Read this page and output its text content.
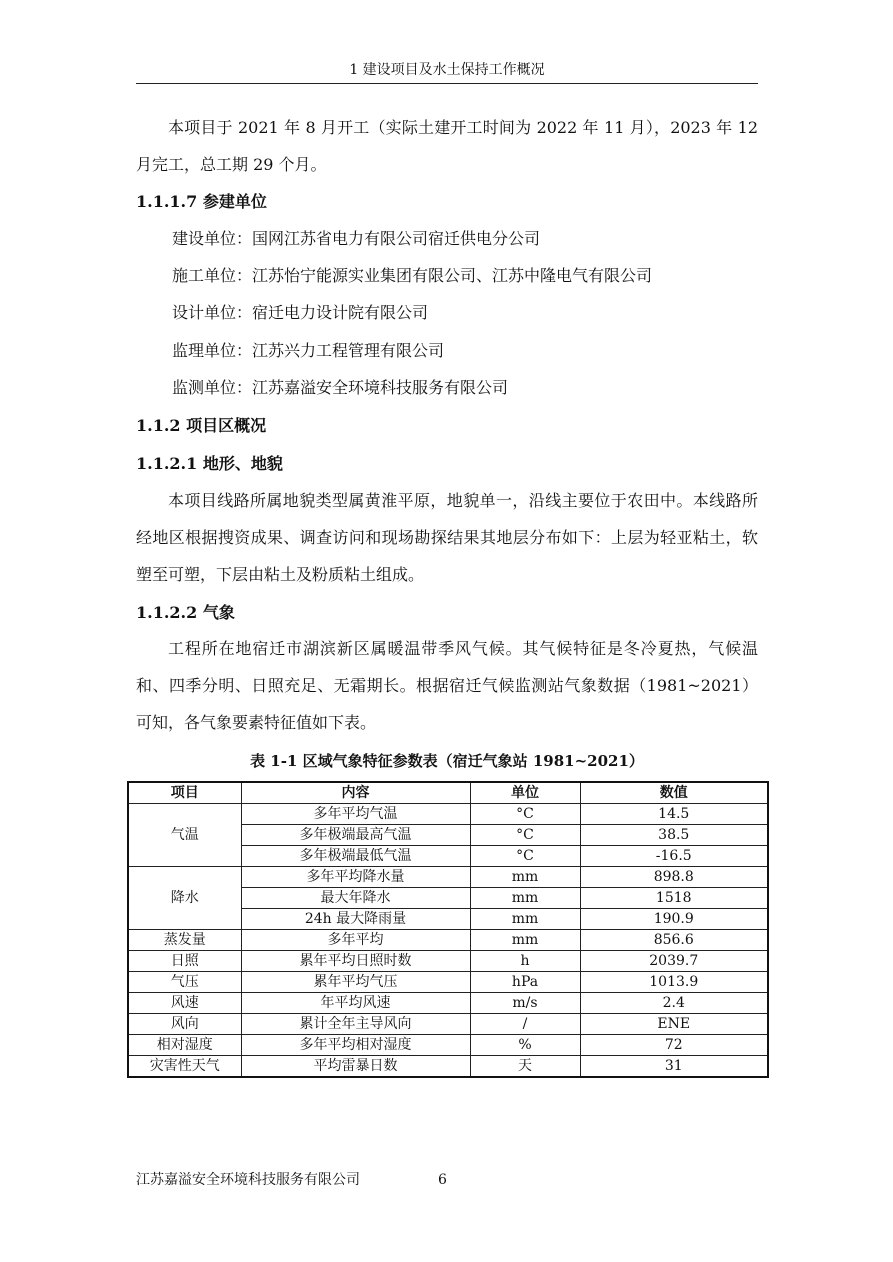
1 建设项目及水土保持工作概况

本项目于 2021 年 8 月开工（实际土建开工时间为 2022 年 11 月），2023 年 12 月完工，总工期 29 个月。

1.1.1.7 参建单位
建设单位：国网江苏省电力有限公司宿迁供电分公司
施工单位：江苏怡宁能源实业集团有限公司、江苏中隆电气有限公司
设计单位：宿迁电力设计院有限公司
监理单位：江苏兴力工程管理有限公司
监测单位：江苏嘉溢安全环境科技服务有限公司
1.1.2 项目区概况
1.1.2.1 地形、地貌

本项目线路所属地貌类型属黄淮平原，地貌单一，沿线主要位于农田中。本线路所经地区根据搜资成果、调查访问和现场勘探结果其地层分布如下：上层为轻亚粘土，软塑至可塑，下层由粘土及粉质粘土组成。

1.1.2.2 气象

工程所在地宿迁市湖滨新区属暖温带季风气候。其气候特征是冬冷夏热，气候温和、四季分明、日照充足、无霜期长。根据宿迁气候监测站气象数据（1981~2021）可知，各气象要素特征值如下表。

表 1-1 区域气象特征参数表（宿迁气象站 1981~2021）
项目	内容	单位	数值
气温	多年平均气温	°C	14.5
	多年极端最高气温	°C	38.5
	多年极端最低气温	°C	-16.5
降水	多年平均降水量	mm	898.8
	最大年降水	mm	1518
	24h 最大降雨量	mm	190.9
蒸发量	多年平均	mm	856.6
日照	累年平均日照时数	h	2039.7
气压	累年平均气压	hPa	1013.9
风速	年平均风速	m/s	2.4
风向	累计全年主导风向	/	ENE
相对湿度	多年平均相对湿度	%	72
灾害性天气	平均雷暴日数	天	31
江苏嘉溢安全环境科技服务有限公司	6
